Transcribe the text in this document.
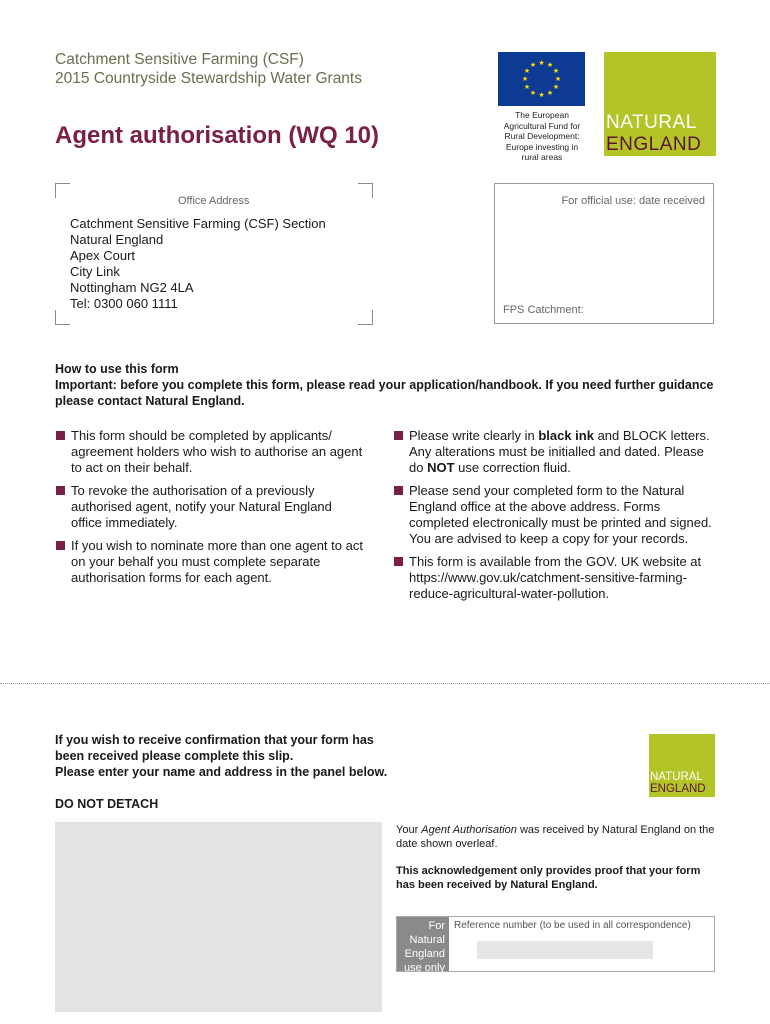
Catchment Sensitive Farming (CSF)
2015 Countryside Stewardship Water Grants
Agent authorisation (WQ 10)
★ ★
★
★
★
★
★
★
★
★
★
★
The European
Agricultural Fund for
Rural Development:
Europe investing in
rural areas
NATURAL
ENGLAND
Office Address
Catchment Sensitive Farming (CSF) Section
Natural England
Apex Court
City Link
Nottingham NG2 4LA
Tel: 0300 060 1111
For official use: date received
FPS Catchment:
How to use this form
Important: before you complete this form, please read your application/handbook. If you need further guidance please contact Natural England.
This form should be completed by applicants/ agreement holders who wish to authorise an agent to act on their behalf.
To revoke the authorisation of a previously authorised agent, notify your Natural England office immediately.
If you wish to nominate more than one agent to act on your behalf you must complete separate authorisation forms for each agent.
Please write clearly in black ink and BLOCK letters. Any alterations must be initialled and dated. Please do NOT use correction fluid.
Please send your completed form to the Natural England office at the above address. Forms completed electronically must be printed and signed. You are advised to keep a copy for your records.
This form is available from the GOV. UK website at https://www.gov.uk/catchment-sensitive-farming-reduce-agricultural-water-pollution.
If you wish to receive confirmation that your form has
been received please complete this slip.
Please enter your name and address in the panel below.	NATURAL
ENGLAND
DO NOT DETACH
Your Agent Authorisation was received by Natural England on the date shown overleaf.
This acknowledgement only provides proof that your form has been received by Natural England.
For
Natural
England
use only
Reference number (to be used in all correspondence)
